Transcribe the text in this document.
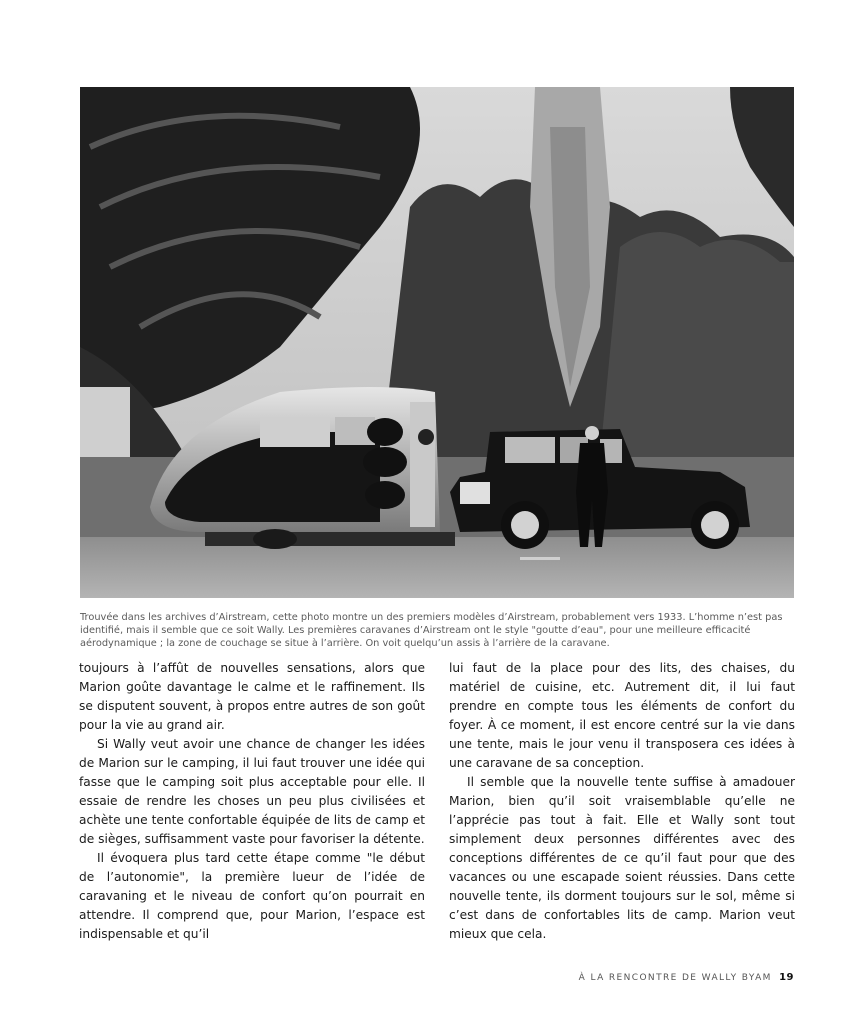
Trouvée dans les archives d’Airstream, cette photo montre un des premiers modèles d’Airstream, probablement vers 1933. L’homme n’est pas identifié, mais il semble que ce soit Wally. Les premières caravanes d’Airstream ont le style "goutte d’eau", pour une meilleure efficacité aérodynamique ; la zone de couchage se situe à l’arrière. On voit quelqu’un assis à l’arrière de la caravane.

toujours à l’affût de nouvelles sensations, alors que Marion goûte davantage le calme et le raffinement. Ils se disputent souvent, à propos entre autres de son goût pour la vie au grand air.

Si Wally veut avoir une chance de changer les idées de Marion sur le camping, il lui faut trouver une idée qui fasse que le camping soit plus acceptable pour elle. Il essaie de rendre les choses un peu plus civilisées et achète une tente confortable équipée de lits de camp et de sièges, suffisamment vaste pour favoriser la détente.

Il évoquera plus tard cette étape comme "le début de l’autonomie", la première lueur de l’idée de caravaning et le niveau de confort qu’on pourrait en attendre. Il comprend que, pour Marion, l’espace est indispensable et qu’il

lui faut de la place pour des lits, des chaises, du matériel de cuisine, etc. Autrement dit, il lui faut prendre en compte tous les éléments de confort du foyer. À ce moment, il est encore centré sur la vie dans une tente, mais le jour venu il transposera ces idées à une caravane de sa conception.

Il semble que la nouvelle tente suffise à amadouer Marion, bien qu’il soit vraisemblable qu’elle ne l’apprécie pas tout à fait. Elle et Wally sont tout simplement deux personnes différentes avec des conceptions différentes de ce qu’il faut pour que des vacances ou une escapade soient réussies. Dans cette nouvelle tente, ils dorment toujours sur le sol, même si c’est dans de confortables lits de camp. Marion veut mieux que cela.

À LA RENCONTRE DE WALLY BYAM 19
